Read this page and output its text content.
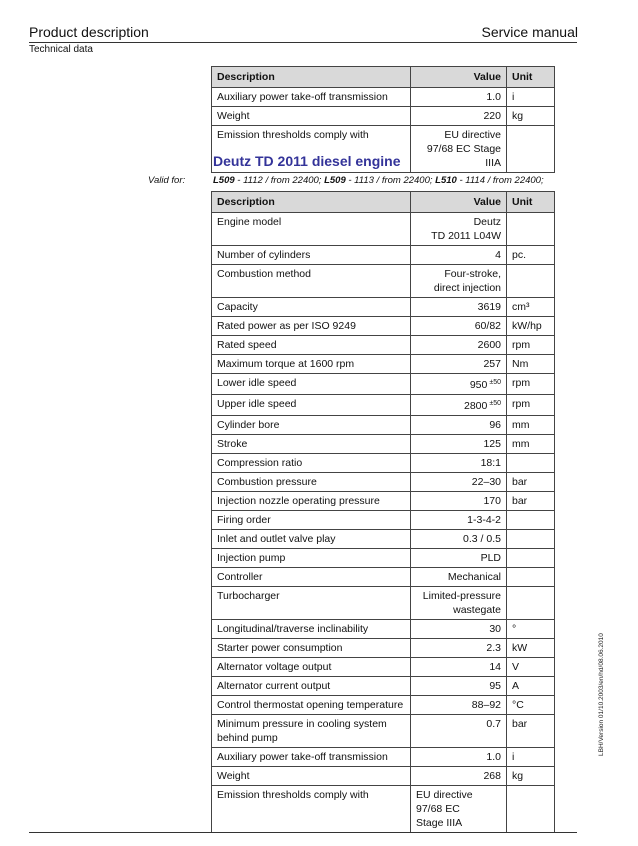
Product description	Service manual
Technical data
Description	Value	Unit
Auxiliary power take-off transmission	1.0	i
Weight	220	kg
Emission thresholds comply with	EU directive 97/68 EC Stage IIIA	
Deutz TD 2011 diesel engine
Valid for:	L509 - 1112 / from 22400; L509 - 1113 / from 22400; L510 - 1114 / from 22400;
Description	Value	Unit
Engine model	Deutz
TD 2011 L04W	
Number of cylinders	4	pc.
Combustion method	Four-stroke,
direct injection	
Capacity	3619	cm³
Rated power as per ISO 9249	60/82	kW/hp
Rated speed	2600	rpm
Maximum torque at 1600 rpm	257	Nm
Lower idle speed	950 $^{\pm 50}$	rpm
Upper idle speed	2800 $^{\pm 50}$	rpm
Cylinder bore	96	mm
Stroke	125	mm
Compression ratio	18:1	
Combustion pressure	22–30	bar
Injection nozzle operating pressure	170	bar
Firing order	1-3-4-2	
Inlet and outlet valve play	0.3 / 0.5	
Injection pump	PLD	
Controller	Mechanical	
Turbocharger	Limited-pressure
wastegate	
Longitudinal/traverse inclinability	30	°
Starter power consumption	2.3	kW
Alternator voltage output	14	V
Alternator current output	95	A
Control thermostat opening temperature	88–92	°C
Minimum pressure in cooling system
behind pump	0.7	bar
Auxiliary power take-off transmission	1.0	i
Weight	268	kg
Emission thresholds comply with	EU directive 97/68 EC
Stage IIIA	
LBH/Version 01/10.2003/en/hd/08.06.2010
